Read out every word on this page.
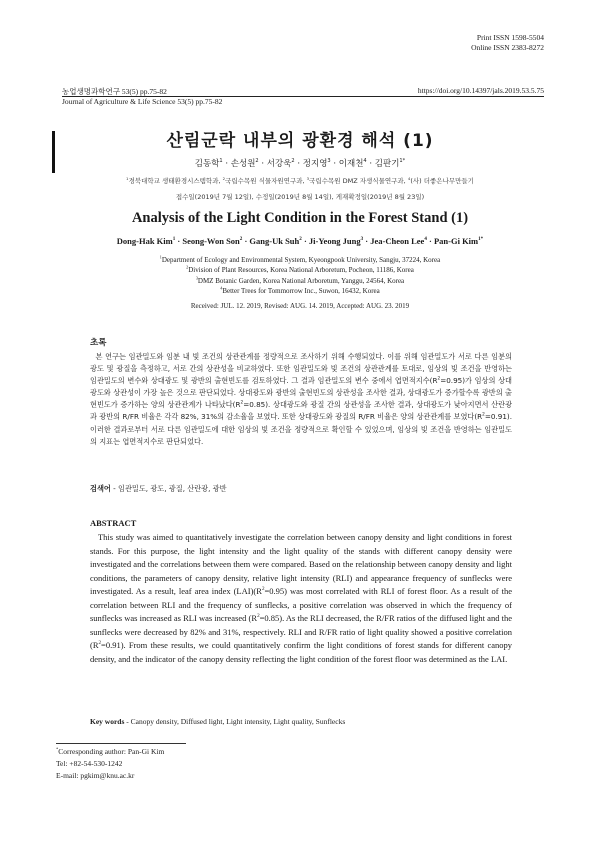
Print ISSN 1598-5504
Online ISSN 2383-8272
농업생명과학연구 53(5) pp.75-82	https://doi.org/10.14397/jals.2019.53.5.75
Journal of Agriculture & Life Science 53(5) pp.75-82
산림군락 내부의 광환경 해석 (1)
김동학$^1$ · 손성원$^2$ · 서강욱$^2$ · 정지영$^3$ · 이재천$^4$ · 김판기$^{1*}$
$^1$경북대학교 생태환경시스템학과, $^2$국립수목원 식물자원연구과, $^3$국립수목원 DMZ 자생식물연구과, $^4$(사) 더좋은나무만들기
접수일(2019년 7월 12일), 수정일(2019년 8월 14일), 게재확정일(2019년 8월 23일)
Analysis of the Light Condition in the Forest Stand (1)
Dong-Hak Kim$^1$ · Seong-Won Son$^2$ · Gang-Uk Suh$^2$ · Ji-Yeong Jung$^3$ · Jea-Cheon Lee$^4$ · Pan-Gi Kim$^{1*}$
$^1$Department of Ecology and Environmental System, Kyeongpook University, Sangju, 37224, Korea
$^2$Division of Plant Resources, Korea National Arboretum, Pocheon, 11186, Korea
$^3$DMZ Botanic Garden, Korea National Arboretum, Yanggu, 24564, Korea
$^4$Better Trees for Tommorrow Inc., Suwon, 16432, Korea
Received: JUL. 12. 2019, Revised: AUG. 14. 2019, Accepted: AUG. 23. 2019
초록
본 연구는 임관밀도와 임분 내 빛 조건의 상관관계를 정량적으로 조사하기 위해 수행되었다. 이를 위해 임관밀도가 서로 다른 임분의 광도 및 광질을 측정하고, 서로 간의 상관성을 비교하였다. 또한 임관밀도와 빛 조건의 상관관계를 토대로, 임상의 빛 조건을 반영하는 임관밀도의 변수와 상대광도 및 광반의 출현빈도를 검토하였다. 그 결과 임관밀도의 변수 중에서 엽면적지수$(R^2=0.95)$가 임상의 상대광도와 상관성이 가장 높은 것으로 판단되었다. 상대광도와 광반의 출현빈도의 상관성을 조사한 결과, 상대광도가 증가할수록 광반의 출현빈도가 증가하는 양의 상관관계가 나타났다$(R^2=0.85)$. 상대광도와 광질 간의 상관성을 조사한 결과, 상대광도가 낮아지면서 산란광과 광반의 R/FR 비율은 각각 82%, 31%의 감소율을 보였다. 또한 상대광도와 광질의 R/FR 비율은 양의 상관관계를 보였다$(R^2=0.91)$. 이러한 결과로부터 서로 다른 임관밀도에 대한 임상의 빛 조건을 정량적으로 확인할 수 있었으며, 임상의 빛 조건을 반영하는 임관밀도의 지표는 엽면적지수로 판단되었다.
검색어 - 임관밀도, 광도, 광질, 산란광, 광반
ABSTRACT
This study was aimed to quantitatively investigate the correlation between canopy density and light conditions in forest stands. For this purpose, the light intensity and the light quality of the stands with different canopy density were investigated and the correlations between them were compared. Based on the relationship between canopy density and light conditions, the parameters of canopy density, relative light intensity (RLI) and appearance frequency of sunflecks were investigated. As a result, leaf area index $(LAI)(R^2=0.95)$ was most correlated with RLI of forest floor. As a result of the correlation between RLI and the frequency of sunflecks, a positive correlation was observed in which the frequency of sunflecks was increased as RLI was increased $(R^2=0.85)$. As the RLI decreased, the R/FR ratios of the diffused light and the sunflecks were decreased by 82% and 31%, respectively. RLI and R/FR ratio of light quality showed a positive correlation $(R^2=0.91)$. From these results, we could quantitatively confirm the light conditions of forest stands for different canopy density, and the indicator of the canopy density reflecting the light condition of the forest floor was determined as the LAI.
Key words - Canopy density, Diffused light, Light intensity, Light quality, Sunflecks
*Corresponding author: Pan-Gi Kim
Tel: +82-54-530-1242
E-mail: pgkim@knu.ac.kr
